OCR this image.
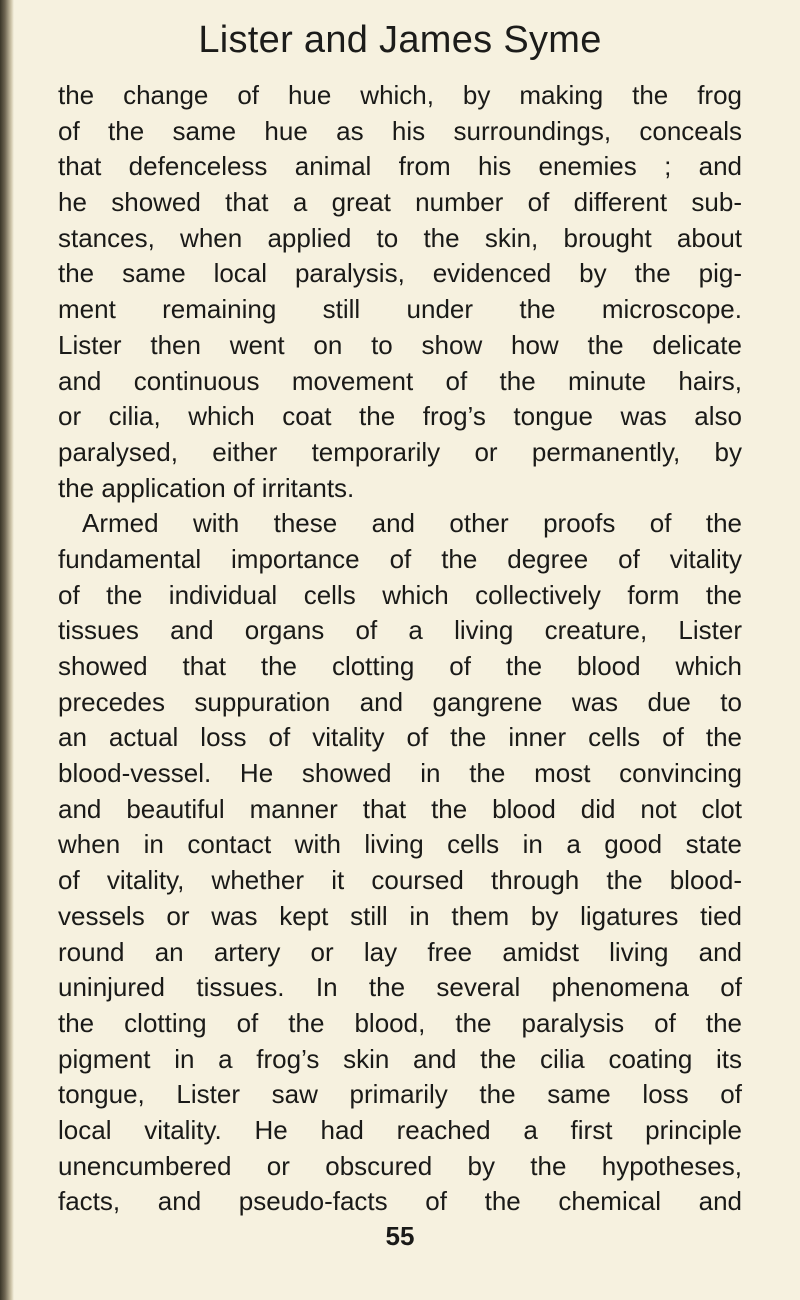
Lister and James Syme
the change of hue which, by making the frog
of the same hue as his surroundings, conceals
that defenceless animal from his enemies ; and
he showed that a great number of different sub-
stances, when applied to the skin, brought about
the same local paralysis, evidenced by the pig-
ment remaining still under the microscope.
Lister then went on to show how the delicate
and continuous movement of the minute hairs,
or cilia, which coat the frog’s tongue was also
paralysed, either temporarily or permanently, by
the application of irritants.
Armed with these and other proofs of the
fundamental importance of the degree of vitality
of the individual cells which collectively form the
tissues and organs of a living creature, Lister
showed that the clotting of the blood which
precedes suppuration and gangrene was due to
an actual loss of vitality of the inner cells of the
blood-vessel. He showed in the most convincing
and beautiful manner that the blood did not clot
when in contact with living cells in a good state
of vitality, whether it coursed through the blood-
vessels or was kept still in them by ligatures tied
round an artery or lay free amidst living and
uninjured tissues. In the several phenomena of
the clotting of the blood, the paralysis of the
pigment in a frog’s skin and the cilia coating its
tongue, Lister saw primarily the same loss of
local vitality. He had reached a first principle
unencumbered or obscured by the hypotheses,
facts, and pseudo-facts of the chemical and
55
